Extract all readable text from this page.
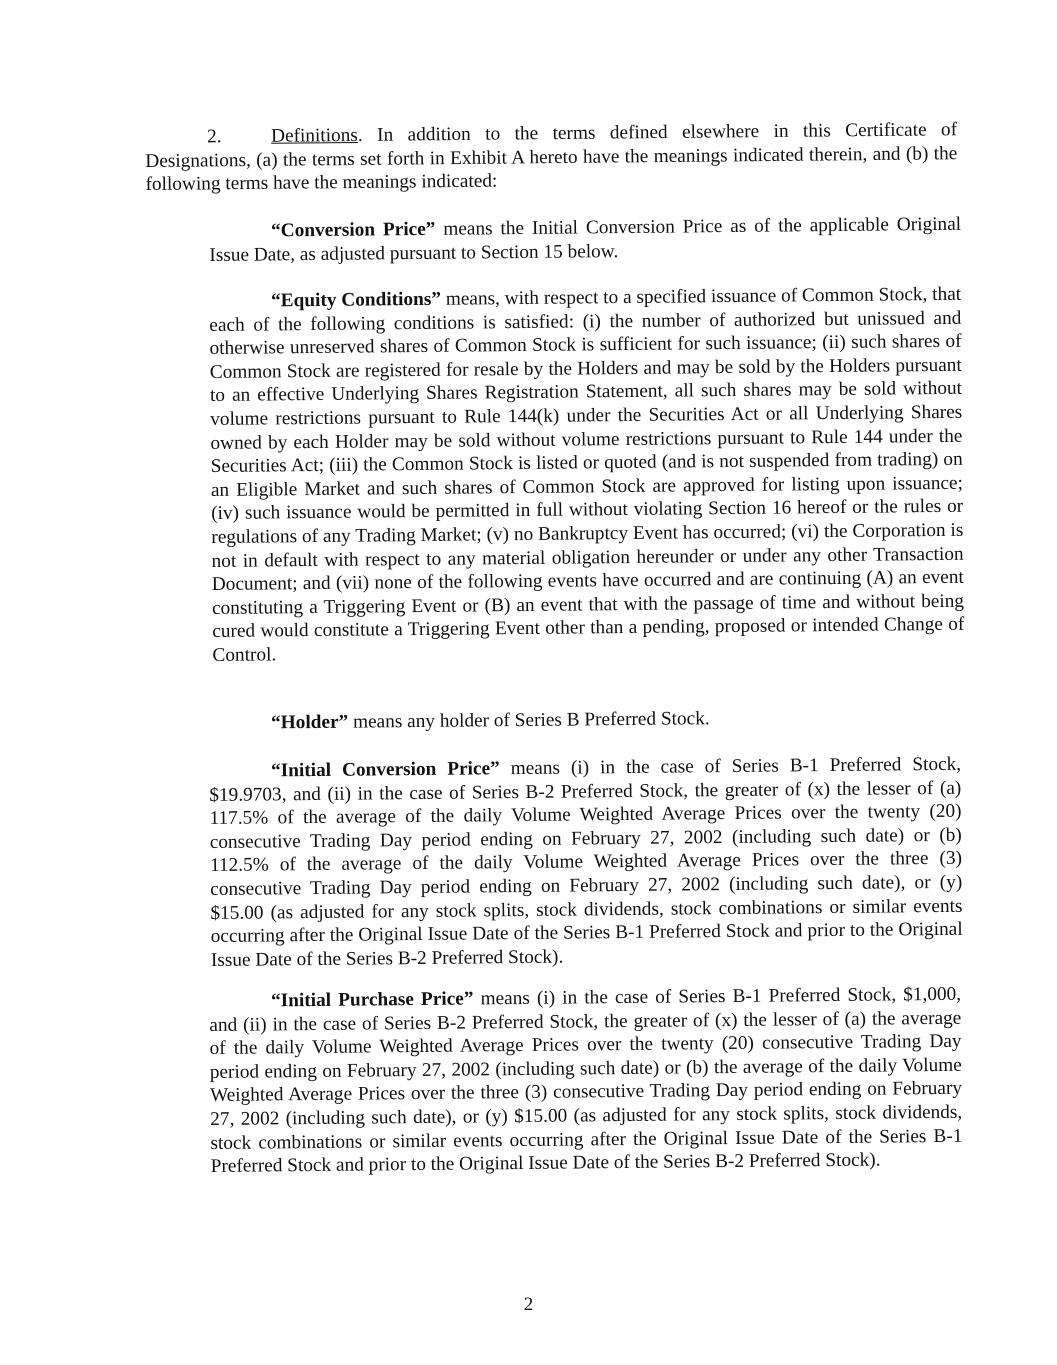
2.	Definitions. In addition to the terms defined elsewhere in this Certificate of Designations, (a) the terms set forth in Exhibit A hereto have the meanings indicated therein, and (b) the following terms have the meanings indicated:

“Conversion Price” means the Initial Conversion Price as of the applicable Original Issue Date, as adjusted pursuant to Section 15 below.

“Equity Conditions” means, with respect to a specified issuance of Common Stock, that each of the following conditions is satisfied: (i) the number of authorized but unissued and otherwise unreserved shares of Common Stock is sufficient for such issuance; (ii) such shares of Common Stock are registered for resale by the Holders and may be sold by the Holders pursuant to an effective Underlying Shares Registration Statement, all such shares may be sold without volume restrictions pursuant to Rule 144(k) under the Securities Act or all Underlying Shares owned by each Holder may be sold without volume restrictions pursuant to Rule 144 under the Securities Act; (iii) the Common Stock is listed or quoted (and is not suspended from trading) on an Eligible Market and such shares of Common Stock are approved for listing upon issuance; (iv) such issuance would be permitted in full without violating Section 16 hereof or the rules or regulations of any Trading Market; (v) no Bankruptcy Event has occurred; (vi) the Corporation is not in default with respect to any material obligation hereunder or under any other Transaction Document; and (vii) none of the following events have occurred and are continuing (A) an event constituting a Triggering Event or (B) an event that with the passage of time and without being cured would constitute a Triggering Event other than a pending, proposed or intended Change of Control.

“Holder” means any holder of Series B Preferred Stock.

“Initial Conversion Price” means (i) in the case of Series B-1 Preferred Stock, $19.9703, and (ii) in the case of Series B-2 Preferred Stock, the greater of (x) the lesser of (a) 117.5% of the average of the daily Volume Weighted Average Prices over the twenty (20) consecutive Trading Day period ending on February 27, 2002 (including such date) or (b) 112.5% of the average of the daily Volume Weighted Average Prices over the three (3) consecutive Trading Day period ending on February 27, 2002 (including such date), or (y) $15.00 (as adjusted for any stock splits, stock dividends, stock combinations or similar events occurring after the Original Issue Date of the Series B-1 Preferred Stock and prior to the Original Issue Date of the Series B-2 Preferred Stock).

“Initial Purchase Price” means (i) in the case of Series B-1 Preferred Stock, $1,000, and (ii) in the case of Series B-2 Preferred Stock, the greater of (x) the lesser of (a) the average of the daily Volume Weighted Average Prices over the twenty (20) consecutive Trading Day period ending on February 27, 2002 (including such date) or (b) the average of the daily Volume Weighted Average Prices over the three (3) consecutive Trading Day period ending on February 27, 2002 (including such date), or (y) $15.00 (as adjusted for any stock splits, stock dividends, stock combinations or similar events occurring after the Original Issue Date of the Series B-1 Preferred Stock and prior to the Original Issue Date of the Series B-2 Preferred Stock).

2
